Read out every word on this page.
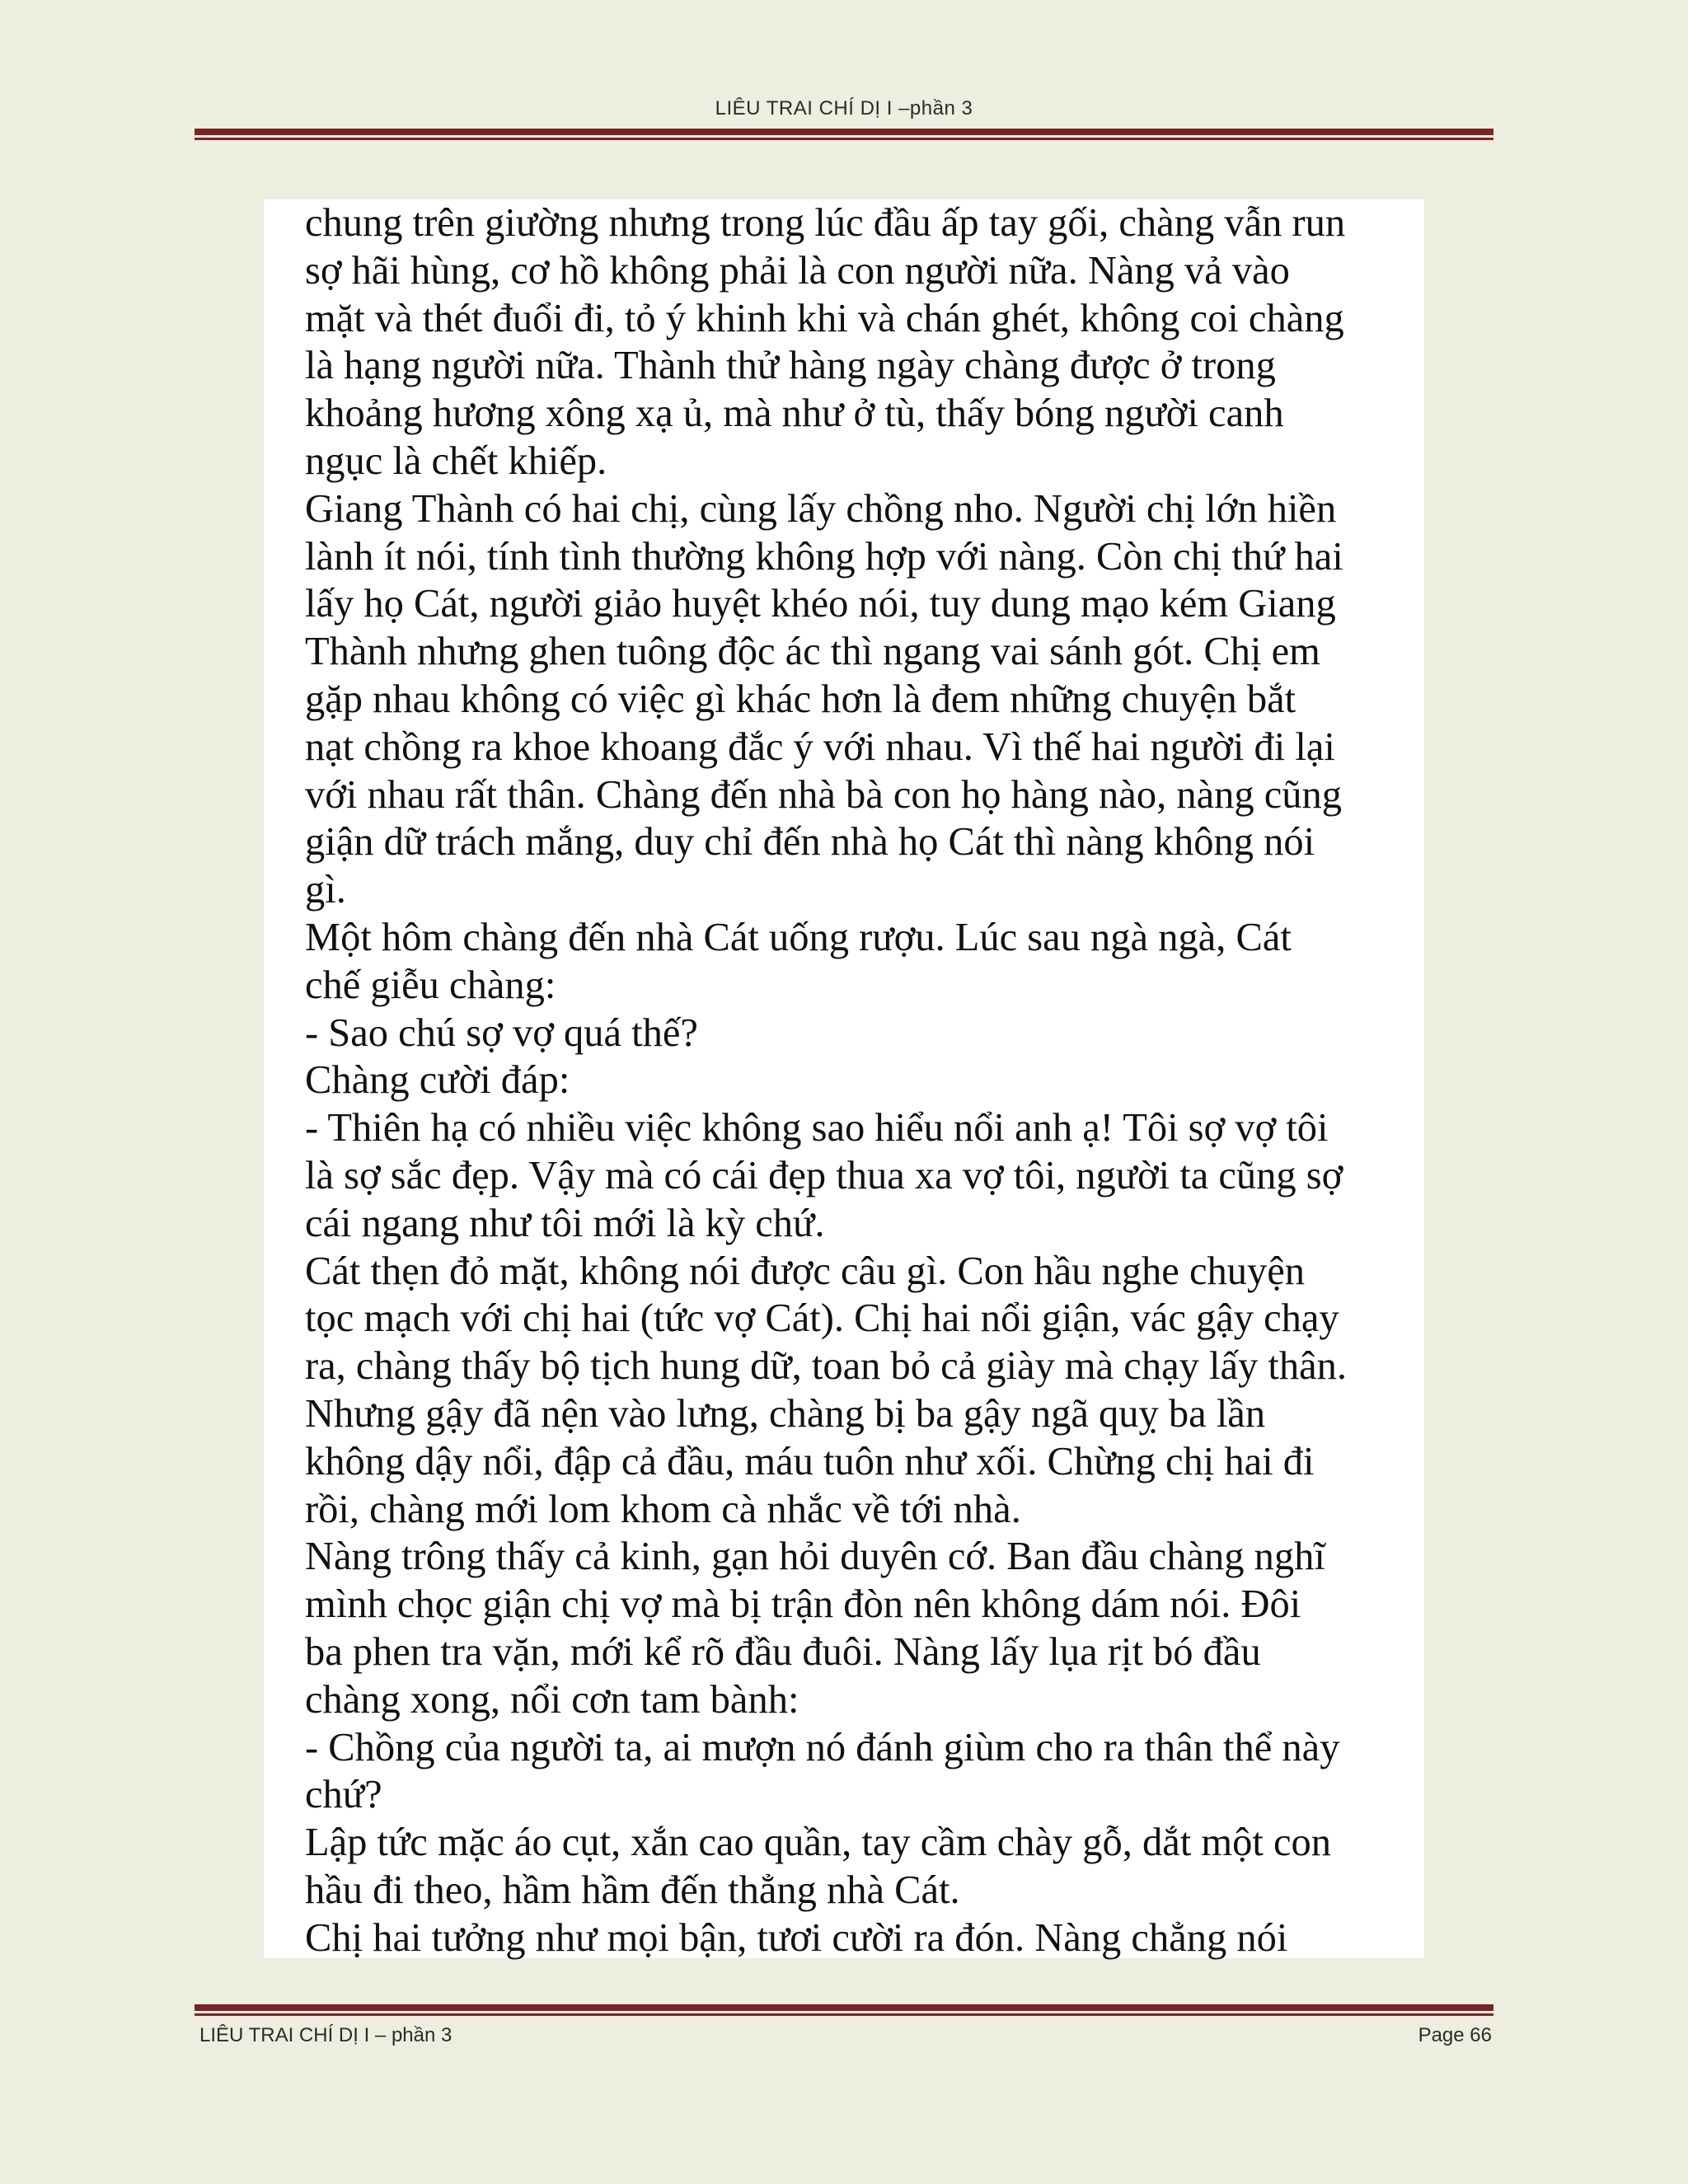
LIÊU TRAI CHÍ DỊ I –phần 3
chung trên giường nhưng trong lúc đầu ấp tay gối, chàng vẫn run
sợ hãi hùng, cơ hồ không phải là con người nữa. Nàng vả vào
mặt và thét đuổi đi, tỏ ý khinh khi và chán ghét, không coi chàng
là hạng người nữa. Thành thử hàng ngày chàng được ở trong
khoảng hương xông xạ ủ, mà như ở tù, thấy bóng người canh
ngục là chết khiếp.
Giang Thành có hai chị, cùng lấy chồng nho. Người chị lớn hiền
lành ít nói, tính tình thường không hợp với nàng. Còn chị thứ hai
lấy họ Cát, người giảo huyệt khéo nói, tuy dung mạo kém Giang
Thành nhưng ghen tuông độc ác thì ngang vai sánh gót. Chị em
gặp nhau không có việc gì khác hơn là đem những chuyện bắt
nạt chồng ra khoe khoang đắc ý với nhau. Vì thế hai người đi lại
với nhau rất thân. Chàng đến nhà bà con họ hàng nào, nàng cũng
giận dữ trách mắng, duy chỉ đến nhà họ Cát thì nàng không nói
gì.
Một hôm chàng đến nhà Cát uống rượu. Lúc sau ngà ngà, Cát
chế giễu chàng:
- Sao chú sợ vợ quá thế?
Chàng cười đáp:
- Thiên hạ có nhiều việc không sao hiểu nổi anh ạ! Tôi sợ vợ tôi
là sợ sắc đẹp. Vậy mà có cái đẹp thua xa vợ tôi, người ta cũng sợ
cái ngang như tôi mới là kỳ chứ.
Cát thẹn đỏ mặt, không nói được câu gì. Con hầu nghe chuyện
tọc mạch với chị hai (tức vợ Cát). Chị hai nổi giận, vác gậy chạy
ra, chàng thấy bộ tịch hung dữ, toan bỏ cả giày mà chạy lấy thân.
Nhưng gậy đã nện vào lưng, chàng bị ba gậy ngã quỵ ba lần
không dậy nổi, đập cả đầu, máu tuôn như xối. Chừng chị hai đi
rồi, chàng mới lom khom cà nhắc về tới nhà.
Nàng trông thấy cả kinh, gạn hỏi duyên cớ. Ban đầu chàng nghĩ
mình chọc giận chị vợ mà bị trận đòn nên không dám nói. Đôi
ba phen tra vặn, mới kể rõ đầu đuôi. Nàng lấy lụa rịt bó đầu
chàng xong, nổi cơn tam bành:
- Chồng của người ta, ai mượn nó đánh giùm cho ra thân thể này
chứ?
Lập tức mặc áo cụt, xắn cao quần, tay cầm chày gỗ, dắt một con
hầu đi theo, hầm hầm đến thẳng nhà Cát.
Chị hai tưởng như mọi bận, tươi cười ra đón. Nàng chẳng nói
LIÊU TRAI CHÍ DỊ I – phần 3	Page 66
